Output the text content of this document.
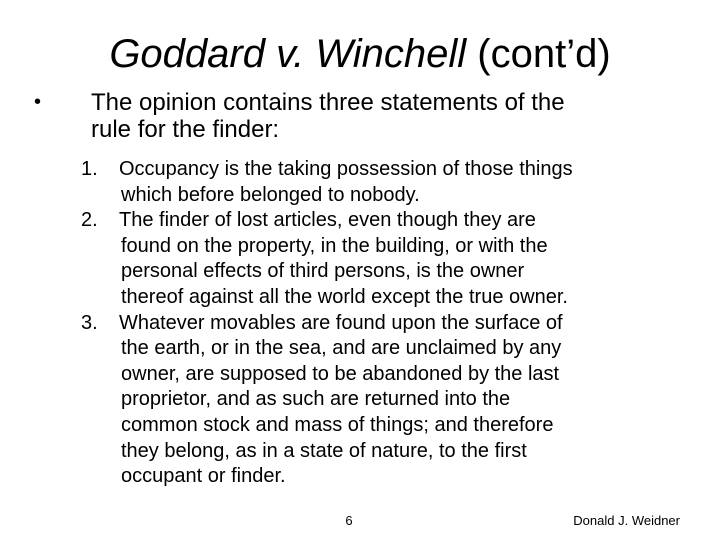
Goddard v. Winchell (cont’d)
•	The opinion contains three statements of the
rule for the finder:
1.	Occupancy is the taking possession of those things
which before belonged to nobody.
2.	The finder of lost articles, even though they are
found on the property, in the building, or with the
personal effects of third persons, is the owner
thereof against all the world except the true owner.
3.	Whatever movables are found upon the surface of
the earth, or in the sea, and are unclaimed by any
owner, are supposed to be abandoned by the last
proprietor, and as such are returned into the
common stock and mass of things; and therefore
they belong, as in a state of nature, to the first
occupant or finder.
6	Donald J. Weidner
